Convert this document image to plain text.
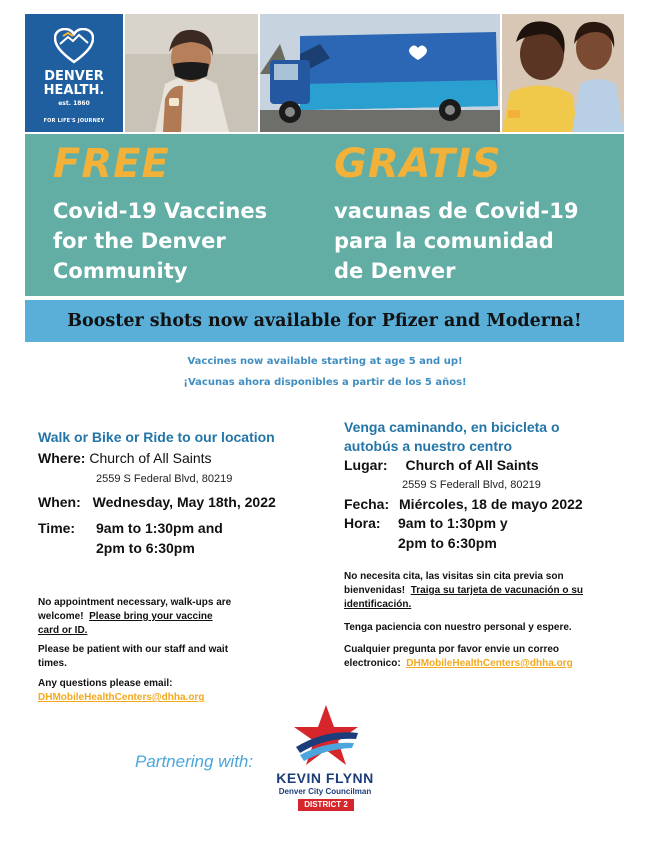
DENVER
HEALTH.
est. 1860
FOR LIFE'S JOURNEY
FREE
Covid-19 Vaccines
for the Denver
Community
GRATIS
vacunas de Covid-19
para la comunidad
de Denver
Booster shots now available for Pfizer and Moderna!
Vaccines now available starting at age 5 and up!
¡Vacunas ahora disponibles a partir de los 5 años!
Walk or Bike or Ride to our location
Where: Church of All Saints
2559 S Federal Blvd, 80219
When: Wednesday, May 18th, 2022
Time: 9am to 1:30pm and
2pm to 6:30pm
No appointment necessary, walk-ups are
welcome! Please bring your vaccine
card or ID.
Please be patient with our staff and wait
times.
Any questions please email:
DHMobileHealthCenters@dhha.org
Venga caminando, en bicicleta o
autobús a nuestro centro
Lugar: Church of All Saints
2559 S Federall Blvd, 80219
Fecha: Miércoles, 18 de mayo 2022
Hora: 9am to 1:30pm y
2pm to 6:30pm
No necesita cita, las visitas sin cita previa son
bienvenidas! Traiga su tarjeta de vacunación o su
identificación.
Tenga paciencia con nuestro personal y espere.
Cualquier pregunta por favor envie un correo
electronico: DHMobileHealthCenters@dhha.org
Partnering with:
KEVIN FLYNN
Denver City Councilman
DISTRICT 2
